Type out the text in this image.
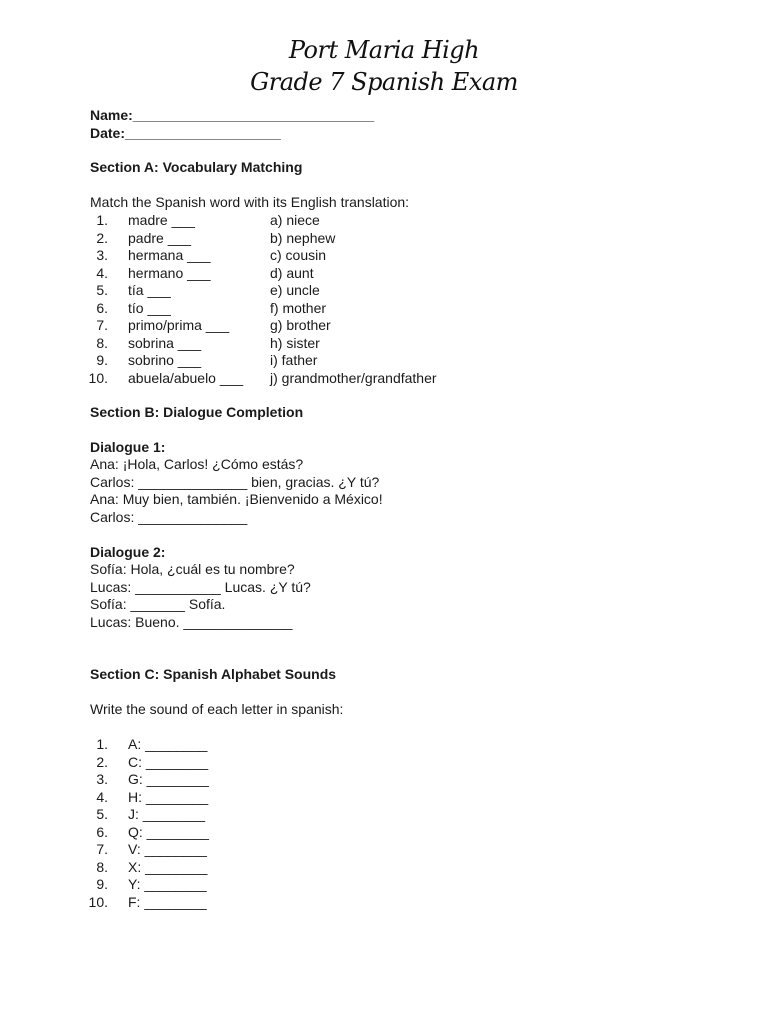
Port Maria High
Grade 7 Spanish Exam
Name:_______________________________
Date:____________________
Section A: Vocabulary Matching
Match the Spanish word with its English translation:
1. madre ___	a) niece
2. padre ___	b) nephew
3. hermana ___	c) cousin
4. hermano ___	d) aunt
5. tía ___	e) uncle
6. tío ___	f) mother
7. primo/prima ___	g) brother
8. sobrina ___	h) sister
9. sobrino ___	i) father
10. abuela/abuelo ___ j) grandmother/grandfather
Section B: Dialogue Completion
Dialogue 1:
Ana: ¡Hola, Carlos! ¿Cómo estás?
Carlos: ______________ bien, gracias. ¿Y tú?
Ana: Muy bien, también. ¡Bienvenido a México!
Carlos: ______________
Dialogue 2:
Sofía: Hola, ¿cuál es tu nombre?
Lucas: ___________ Lucas. ¿Y tú?
Sofía: _______ Sofía.
Lucas: Bueno. ______________
Section C: Spanish Alphabet Sounds
Write the sound of each letter in spanish:
1. A: ________
2. C: ________
3. G: ________
4. H: ________
5. J: ________
6. Q: ________
7. V: ________
8. X: ________
9. Y: ________
10. F: ________
